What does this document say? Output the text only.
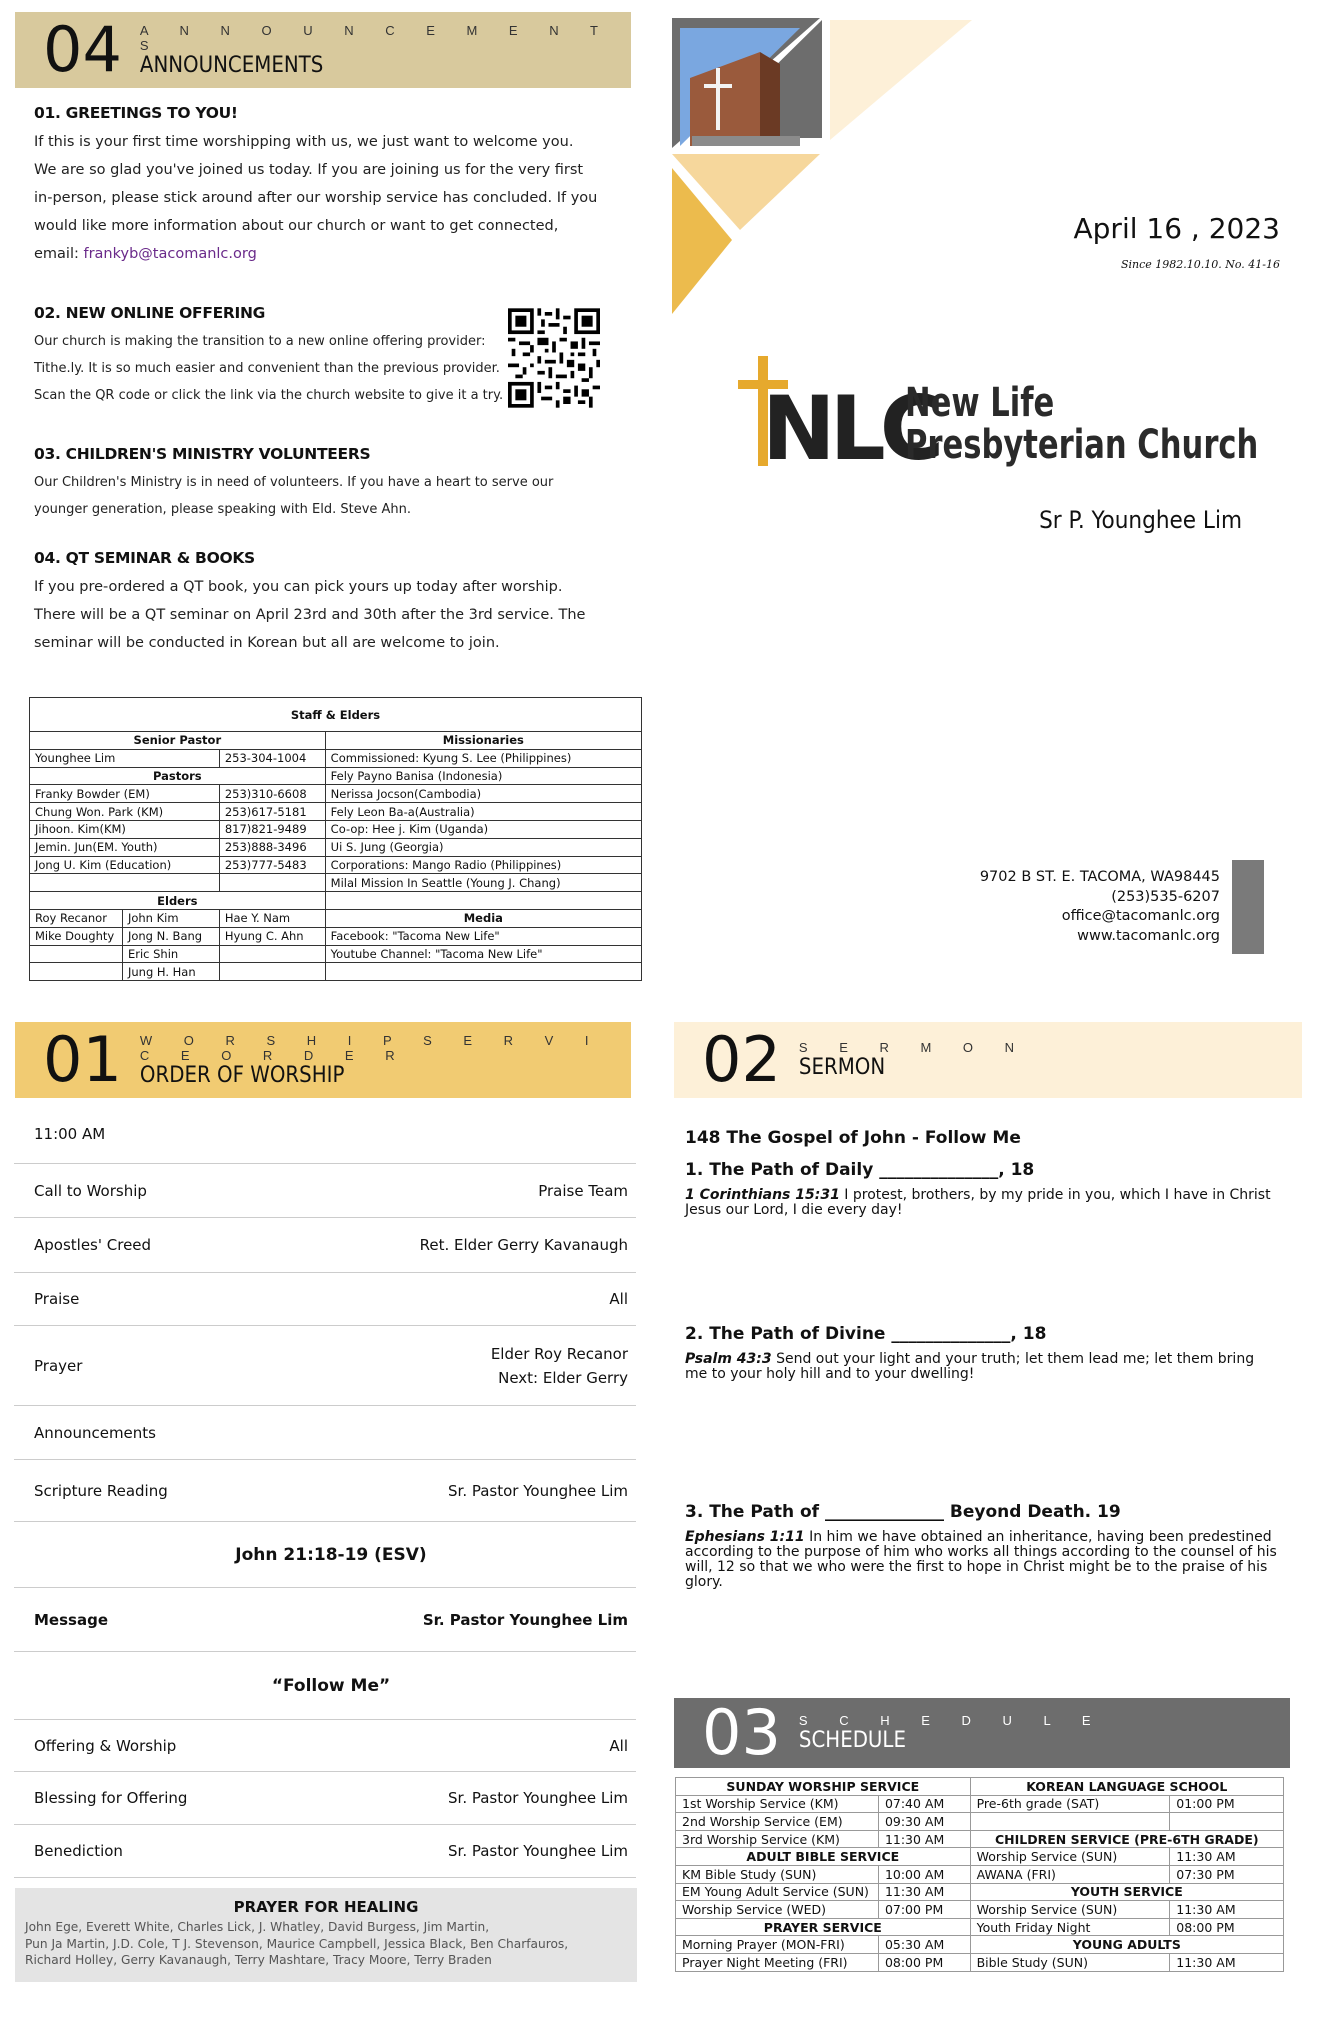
04 A N N O U N C E M E N T S
ANNOUNCEMENTS
01. GREETINGS TO YOU!

If this is your first time worshipping with us, we just want to welcome you.

We are so glad you've joined us today. If you are joining us for the very first

in-person, please stick around after our worship service has concluded. If you

would like more information about our church or want to get connected,

email: frankyb@tacomanlc.org

02. NEW ONLINE OFFERING

Our church is making the transition to a new online offering provider:

Tithe.ly. It is so much easier and convenient than the previous provider.

Scan the QR code or click the link via the church website to give it a try.

03. CHILDREN'S MINISTRY VOLUNTEERS

Our Children's Ministry is in need of volunteers. If you have a heart to serve our

younger generation, please speaking with Eld. Steve Ahn.

04. QT SEMINAR & BOOKS

If you pre-ordered a QT book, you can pick yours up today after worship.

There will be a QT seminar on April 23rd and 30th after the 3rd service. The

seminar will be conducted in Korean but all are welcome to join.

Staff & Elders			
Senior Pastor			Missionaries
Younghee Lim		253-304-1004	Commissioned: Kyung S. Lee (Philippines)
Pastors			Fely Payno Banisa (Indonesia)
Franky Bowder (EM)		253)310-6608	Nerissa Jocson(Cambodia)
Chung Won. Park (KM)		253)617-5181	Fely Leon Ba-a(Australia)
Jihoon. Kim(KM)		817)821-9489	Co-op: Hee j. Kim (Uganda)
Jemin. Jun(EM. Youth)		253)888-3496	Ui S. Jung (Georgia)
Jong U. Kim (Education)		253)777-5483	Corporations: Mango Radio (Philippines)
			Milal Mission In Seattle (Young J. Chang)
Elders			
Roy Recanor	John Kim	Hae Y. Nam	Media
Mike Doughty	Jong N. Bang	Hyung C. Ahn	Facebook: "Tacoma New Life"
	Eric Shin		Youtube Channel: "Tacoma New Life"
	Jung H. Han		
April 16 , 2023
Since 1982.10.10. No. 41-16
NLC
New Life
Presbyterian Church
Sr P. Younghee Lim
9702 B ST. E. TACOMA, WA98445
(253)535-6207
office@tacomanlc.org
www.tacomanlc.org
01 W O R S H I P S E R V I C E O R D E R
ORDER OF WORSHIP
11:00 AM
Call to Worship	Praise Team
Apostles' Creed	Ret. Elder Gerry Kavanaugh
Praise	All
Prayer
Elder Roy Recanor
Next: Elder Gerry
Announcements
Scripture Reading	Sr. Pastor Younghee Lim
John 21:18-19 (ESV)
Message	Sr. Pastor Younghee Lim
“Follow Me”
Offering & Worship	All
Blessing for Offering	Sr. Pastor Younghee Lim
Benediction	Sr. Pastor Younghee Lim
PRAYER FOR HEALING
John Ege, Everett White, Charles Lick, J. Whatley, David Burgess, Jim Martin,
Pun Ja Martin, J.D. Cole, T J. Stevenson, Maurice Campbell, Jessica Black, Ben Charfauros,
Richard Holley, Gerry Kavanaugh, Terry Mashtare, Tracy Moore, Terry Braden
02 S E R M O N
SERMON
148 The Gospel of John - Follow Me
1. The Path of Daily ______________, 18

1 Corinthians 15:31 I protest, brothers, by my pride in you, which I have in Christ Jesus our Lord, I die every day!

2. The Path of Divine ______________, 18

Psalm 43:3 Send out your light and your truth; let them lead me; let them bring me to your holy hill and to your dwelling!

3. The Path of ______________ Beyond Death. 19

Ephesians 1:11 In him we have obtained an inheritance, having been predestined according to the purpose of him who works all things according to the counsel of his will, 12 so that we who were the first to hope in Christ might be to the praise of his glory.

03 S C H E D U L E
SCHEDULE
SUNDAY WORSHIP SERVICE		KOREAN LANGUAGE SCHOOL	
1st Worship Service (KM)	07:40 AM	Pre-6th grade (SAT)	01:00 PM
2nd Worship Service (EM)	09:30 AM		
3rd Worship Service (KM)	11:30 AM	CHILDREN SERVICE (PRE-6TH GRADE)	
ADULT BIBLE SERVICE		Worship Service (SUN)	11:30 AM
KM Bible Study (SUN)	10:00 AM	AWANA (FRI)	07:30 PM
EM Young Adult Service (SUN)	11:30 AM	YOUTH SERVICE	
Worship Service (WED)	07:00 PM	Worship Service (SUN)	11:30 AM
PRAYER SERVICE		Youth Friday Night	08:00 PM
Morning Prayer (MON-FRI)	05:30 AM	YOUNG ADULTS	
Prayer Night Meeting (FRI)	08:00 PM	Bible Study (SUN)	11:30 AM
